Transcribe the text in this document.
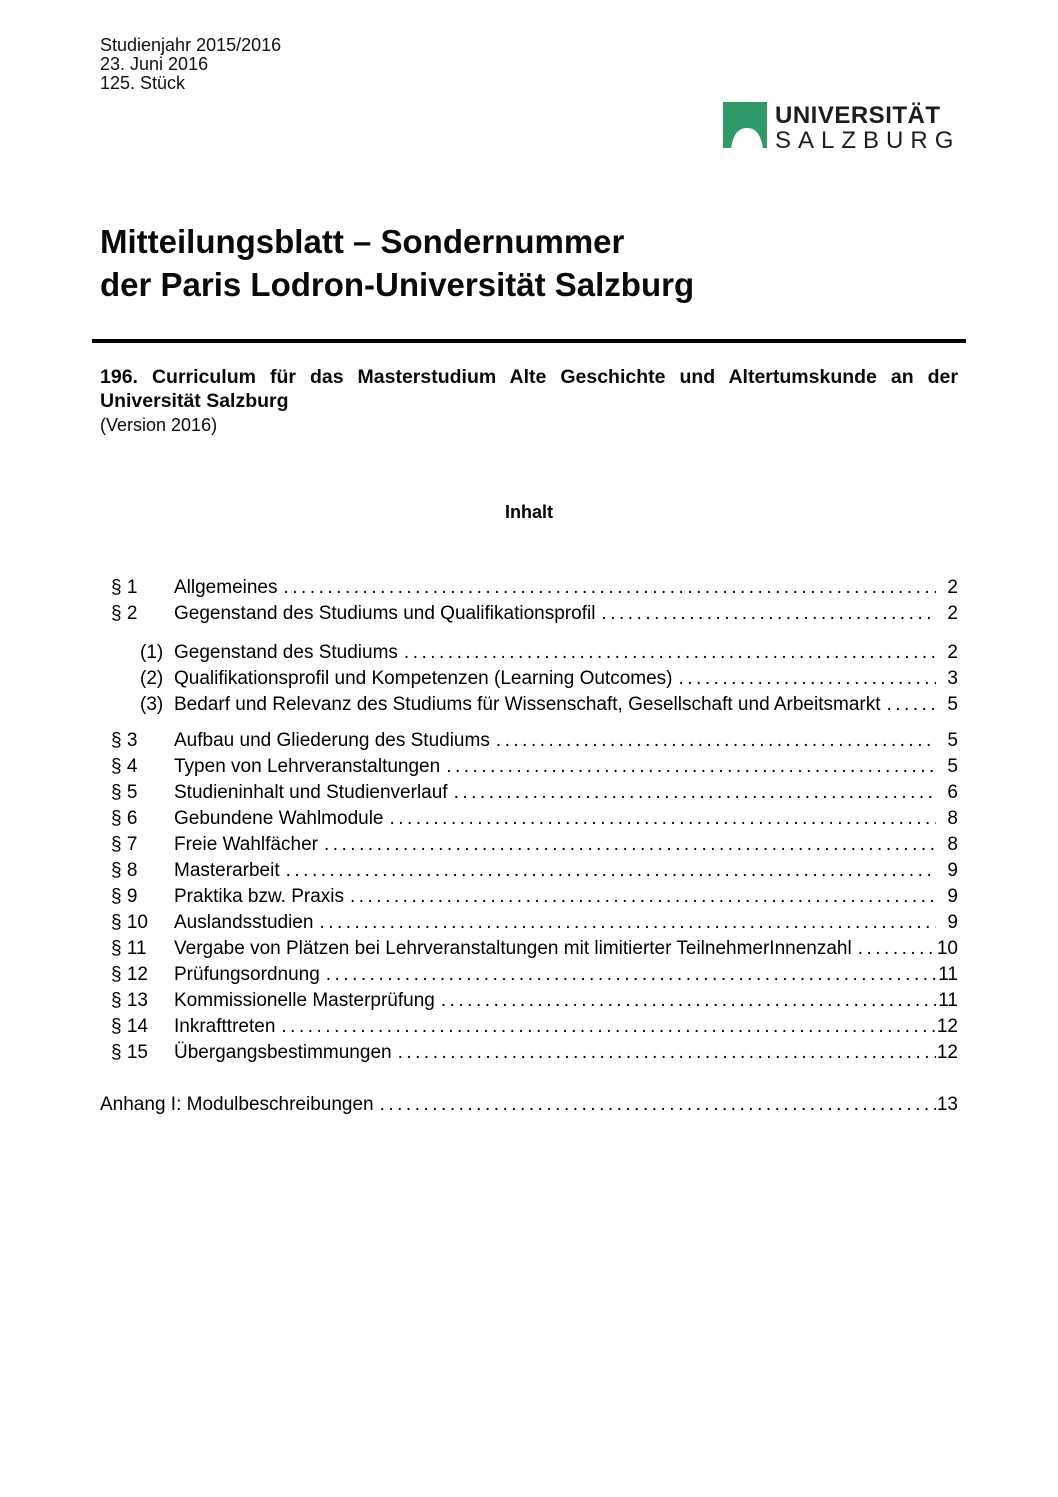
Studienjahr 2015/2016
23. Juni 2016
125. Stück
UNIVERSITÄT
SALZBURG
Mitteilungsblatt – Sondernummer
der Paris Lodron-Universität Salzburg
196. Curriculum für das Masterstudium Alte Geschichte und Altertumskunde an der
Universität Salzburg
(Version 2016)
Inhalt
§ 1	Allgemeines .....	2
§ 2	Gegenstand des Studiums und Qualifikationsprofil .....	2
(1) Gegenstand des Studiums .....	2
(2) Qualifikationsprofil und Kompetenzen (Learning Outcomes) .....	3
(3) Bedarf und Relevanz des Studiums für Wissenschaft, Gesellschaft und Arbeitsmarkt .....	5
§ 3	Aufbau und Gliederung des Studiums .....	5
§ 4	Typen von Lehrveranstaltungen .....	5
§ 5	Studieninhalt und Studienverlauf .....	6
§ 6	Gebundene Wahlmodule .....	8
§ 7	Freie Wahlfächer .....	8
§ 8	Masterarbeit .....	9
§ 9	Praktika bzw. Praxis .....	9
§ 10	Auslandsstudien .....	9
§ 11	Vergabe von Plätzen bei Lehrveranstaltungen mit limitierter TeilnehmerInnenzahl .....	10
§ 12	Prüfungsordnung .....	11
§ 13	Kommissionelle Masterprüfung .....	11
§ 14	Inkrafttreten .....	12
§ 15	Übergangsbestimmungen .....	12
Anhang I: Modulbeschreibungen .....	13
